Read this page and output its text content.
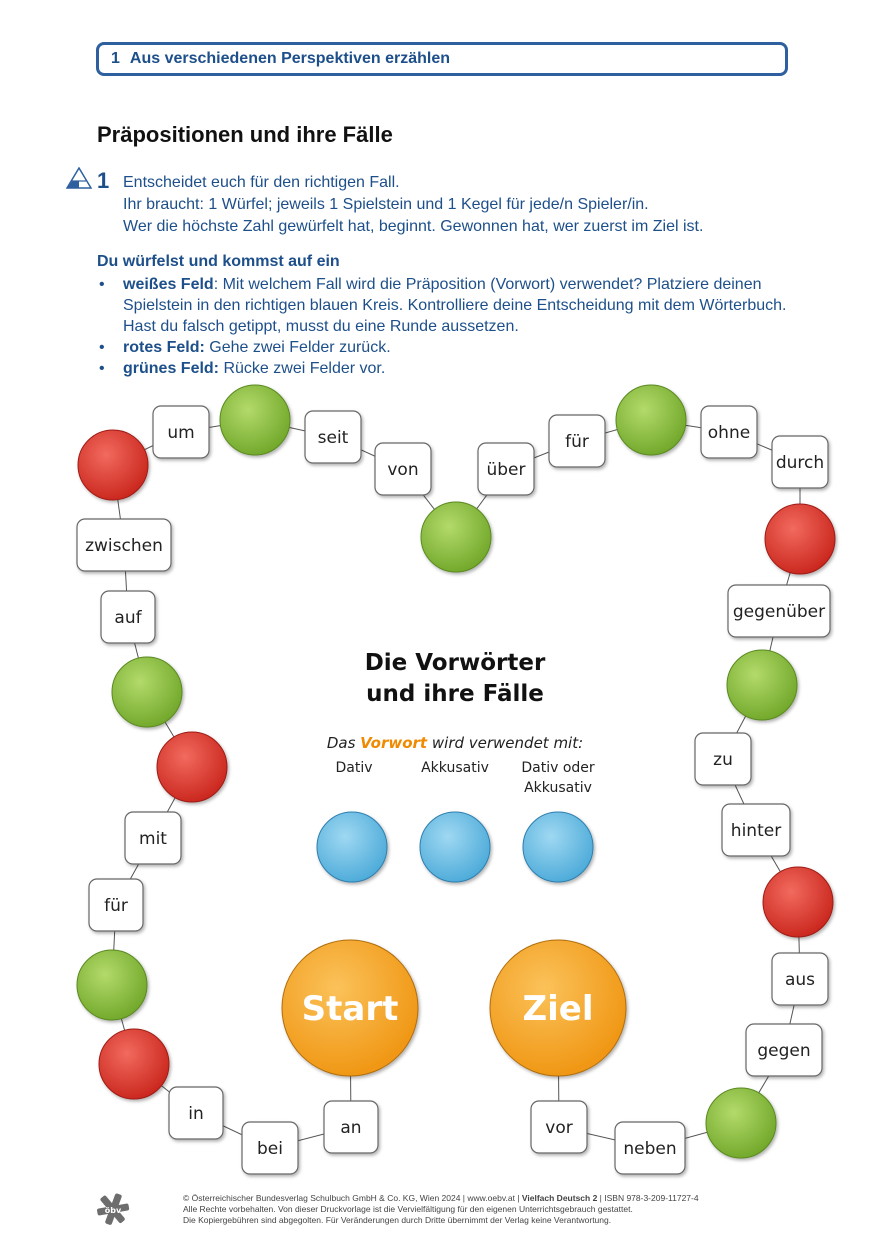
1 Aus verschiedenen Perspektiven erzählen
Präpositionen und ihre Fälle
1 Entscheidet euch für den richtigen Fall.
Ihr braucht: 1 Würfel; jeweils 1 Spielstein und 1 Kegel für jede/n Spieler/in.
Wer die höchste Zahl gewürfelt hat, beginnt. Gewonnen hat, wer zuerst im Ziel ist.
Du würfelst und kommst auf ein
• weißes Feld: Mit welchem Fall wird die Präposition (Vorwort) verwendet? Platziere deinen Spielstein in den richtigen blauen Kreis. Kontrolliere deine Entscheidung mit dem Wörterbuch. Hast du falsch getippt, musst du eine Runde aussetzen.
• rotes Feld: Gehe zwei Felder zurück.
• grünes Feld: Rücke zwei Felder vor.
an
bei
in
für
mit
auf
zwischen
um	seit
von	über
für	ohne
durch
gegenüber
zu
hinter
aus
gegen
neben
vor
Start	Ziel
Die Vorwörter
und ihre Fälle
Das Vorwort wird verwendet mit:
Dativ	Akkusativ Dativ oder
Akkusativ
öbv
© Österreichischer Bundesverlag Schulbuch GmbH & Co. KG, Wien 2024 | www.oebv.at | Vielfach Deutsch 2 | ISBN 978-3-209-11727-4
Alle Rechte vorbehalten. Von dieser Druckvorlage ist die Vervielfältigung für den eigenen Unterrichtsgebrauch gestattet.
Die Kopiergebühren sind abgegolten. Für Veränderungen durch Dritte übernimmt der Verlag keine Verantwortung.
